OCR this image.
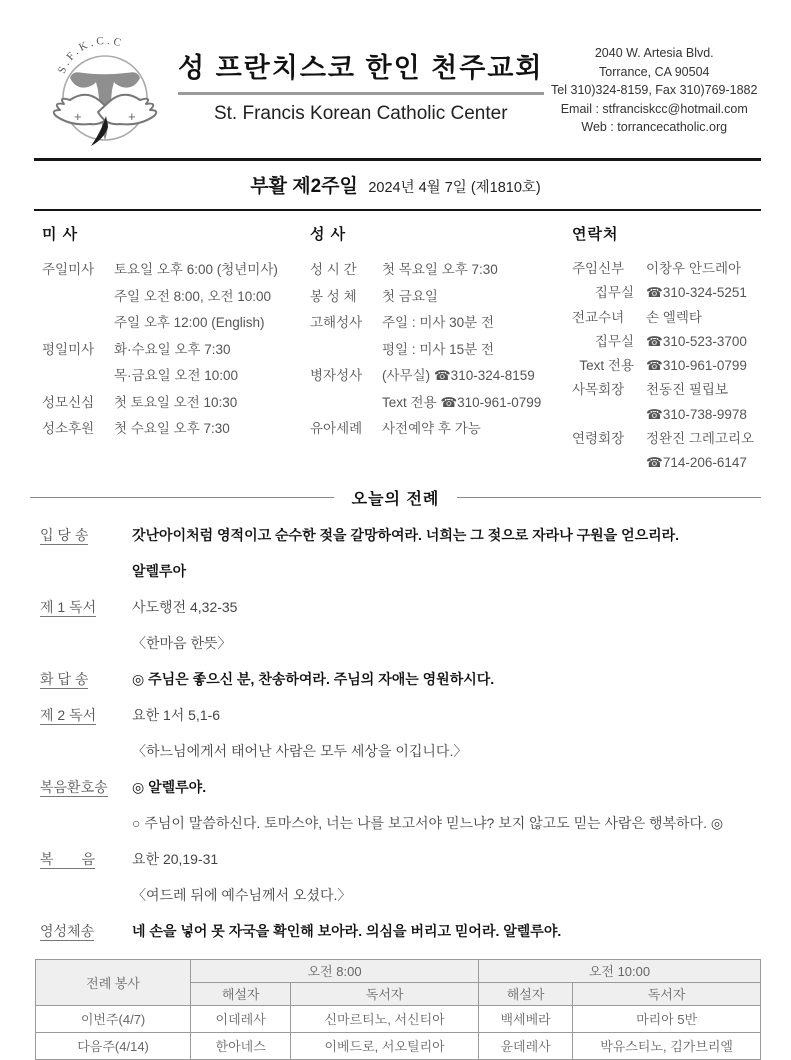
S.F.K.C.C
+	+
성 프란치스코 한인 천주교회
St. Francis Korean Catholic Center
2040 W. Artesia Blvd.
Torrance, CA 90504
Tel 310)324-8159, Fax 310)769-1882
Email : stfranciskcc@hotmail.com
Web : torrancecatholic.org
부활 제2주일 2024년 4월 7일 (제1810호)
미 사
주일미사	토요일 오후 6:00 (청년미사)
주일 오전 8:00, 오전 10:00
주일 오후 12:00 (English)
평일미사	화·수요일 오후 7:30
목·금요일 오전 10:00
성모신심	첫 토요일 오전 10:30
성소후원	첫 수요일 오후 7:30
성 사
성 시 간	첫 목요일 오후 7:30
봉 성 체	첫 금요일
고해성사	주일 : 미사 30분 전
평일 : 미사 15분 전
병자성사	(사무실) ☎310-324-8159
Text 전용 ☎310-961-0799
유아세례	사전예약 후 가능
연락처
주임신부	이창우 안드레아
집무실 ☎310-324-5251
전교수녀	손 엘렉타
집무실 ☎310-523-3700
Text 전용 ☎310-961-0799
사목회장	천동진 필립보
☎310-738-9978
연령회장	정완진 그레고리오
☎714-206-6147
오늘의 전례
입 당 송	갓난아이처럼 영적이고 순수한 젖을 갈망하여라. 너희는 그 젖으로 자라나 구원을 얻으리라.
알렐루아
제 1 독서	사도행전 4,32-35
〈한마음 한뜻〉
화 답 송	◎ 주님은 좋으신 분, 찬송하여라. 주님의 자애는 영원하시다.
제 2 독서	요한 1서 5,1-6
〈하느님에게서 태어난 사람은 모두 세상을 이깁니다.〉
복음환호송	◎ 알렐루야.
○ 주님이 말씀하신다. 토마스야, 너는 나를 보고서야 믿느냐? 보지 않고도 믿는 사람은 행복하다. ◎
복　　음	요한 20,19-31
〈여드레 뒤에 예수님께서 오셨다.〉
영성체송	네 손을 넣어 못 자국을 확인해 보아라. 의심을 버리고 믿어라. 알렐루야.
전례 봉사	오전 8:00		오전 10:00	
	해설자	독서자	해설자	독서자
이번주(4/7)	이데레사	신마르티노, 서신티아	백세베라	마리아 5반
다음주(4/14)	한아네스	이베드로, 서오틸리아	윤데레사	박유스티노, 김가브리엘
